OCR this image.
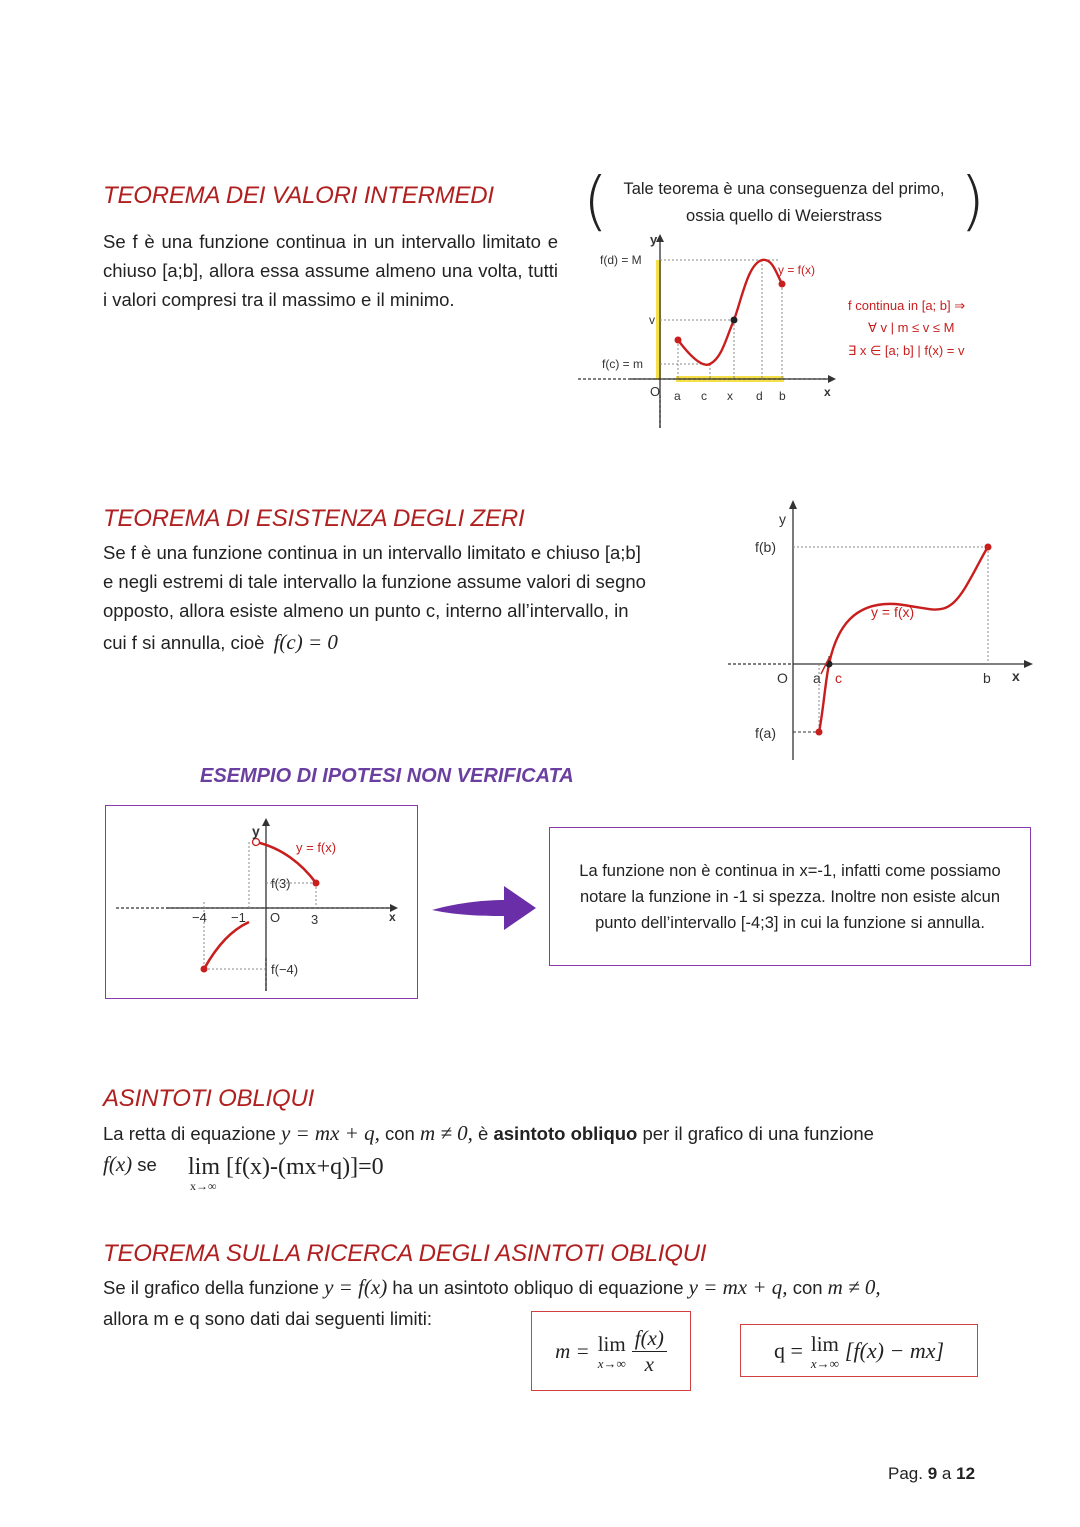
TEOREMA DEI VALORI INTERMEDI
Se f è una funzione continua in un intervallo limitato e chiuso [a;b], allora essa assume almeno una volta, tutti i valori compresi tra il massimo e il minimo.
(	)
Tale teorema è una conseguenza del primo,
ossia quello di Weierstrass
y
f(d) = M
v
f(c) = m
O a c x d b	x
y = f(x)
f continua in [a; b] ⇒
∀ v | m ≤ v ≤ M
∃ x ∈ [a; b] | f(x) = v
TEOREMA DI ESISTENZA DEGLI ZERI
Se f è una funzione continua in un intervallo limitato e chiuso [a;b]
e negli estremi di tale intervallo la funzione assume valori di segno
opposto, allora esiste almeno un punto c, interno all’intervallo, in
cui f si annulla, cioè f(c) = 0
y
f(b)
f(a)
O a c	b x
y = f(x)
ESEMPIO DI IPOTESI NON VERIFICATA
y
x
y = f(x)
f(3)
f(−4)
−4 −1 O 3
La funzione non è continua in x=-1, infatti come possiamo notare la funzione in -1 si spezza. Inoltre non esiste alcun punto dell’intervallo [-4;3] in cui la funzione si annulla.
ASINTOTI OBLIQUI
La retta di equazione y = mx + q, con m ≠ 0, è asintoto obliquo per il grafico di una funzione
f(x) se lim [f(x)-(mx+q)]=0
x→∞
TEOREMA SULLA RICERCA DEGLI ASINTOTI OBLIQUI
Se il grafico della funzione y = f(x) ha un asintoto obliquo di equazione y = mx + q, con m ≠ 0,
allora m e q sono dati dai seguenti limiti:
m = lim
$x\to\infty \frac{f(x)}{x}$	q = lim
x→∞
[f(x) − mx]
Pag. 9 a 12
